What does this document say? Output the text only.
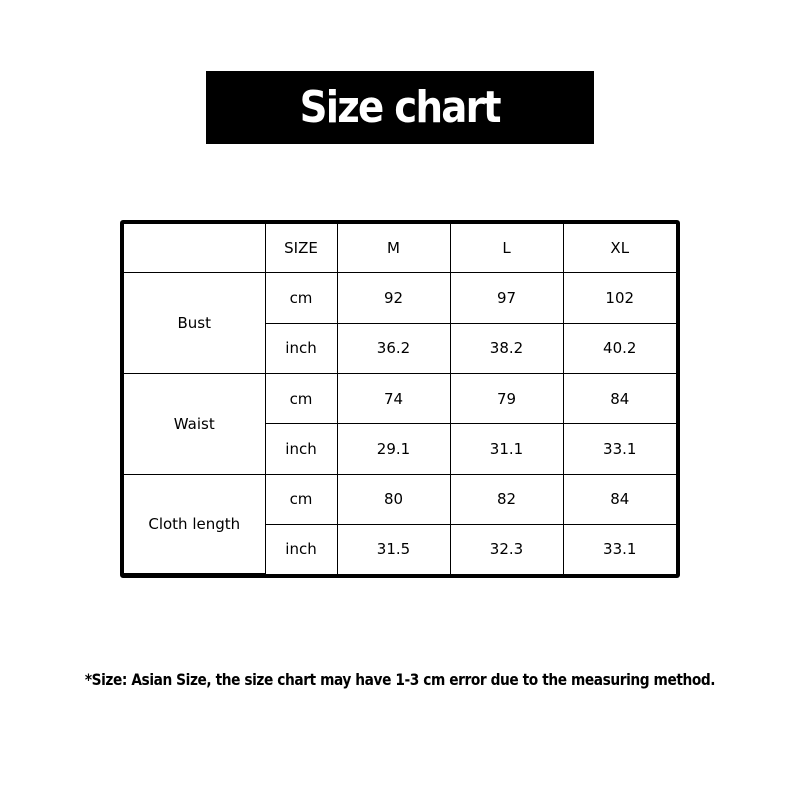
Size chart
	SIZE	M	L	XL
Bust	cm	92	97	102
	inch	36.2	38.2	40.2
Waist	cm	74	79	84
	inch	29.1	31.1	33.1
Cloth length	cm	80	82	84
	inch	31.5	32.3	33.1
*Size: Asian Size, the size chart may have 1-3 cm error due to the measuring method.
